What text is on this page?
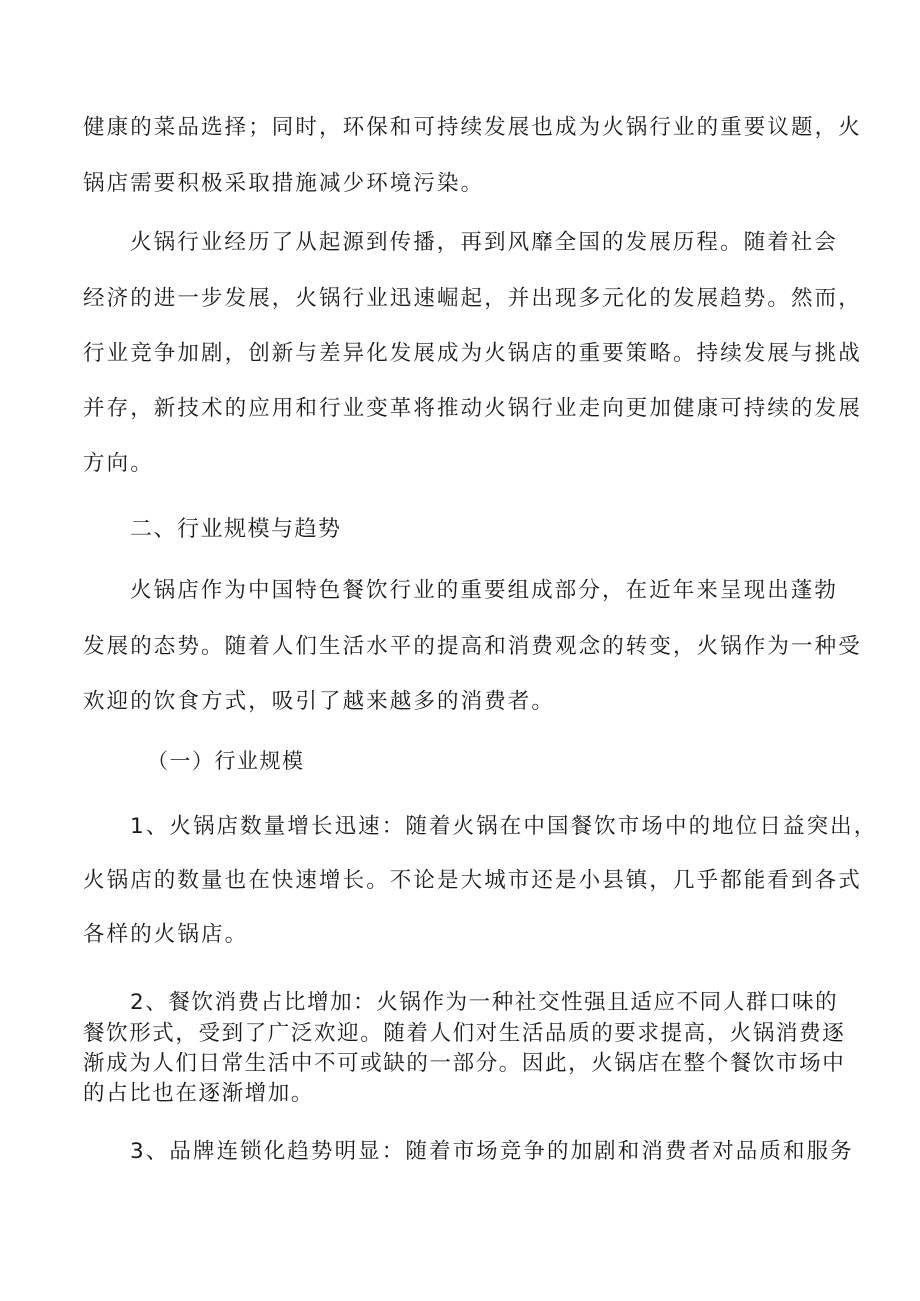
健康的菜品选择；同时，环保和可持续发展也成为火锅行业的重要议题，火
锅店需要积极采取措施减少环境污染。
火锅行业经历了从起源到传播，再到风靡全国的发展历程。随着社会
经济的进一步发展，火锅行业迅速崛起，并出现多元化的发展趋势。然而，
行业竞争加剧，创新与差异化发展成为火锅店的重要策略。持续发展与挑战
并存，新技术的应用和行业变革将推动火锅行业走向更加健康可持续的发展
方向。
二、行业规模与趋势
火锅店作为中国特色餐饮行业的重要组成部分，在近年来呈现出蓬勃
发展的态势。随着人们生活水平的提高和消费观念的转变，火锅作为一种受
欢迎的饮食方式，吸引了越来越多的消费者。
（一）行业规模
1、火锅店数量增长迅速：随着火锅在中国餐饮市场中的地位日益突出，
火锅店的数量也在快速增长。不论是大城市还是小县镇，几乎都能看到各式
各样的火锅店。
2、餐饮消费占比增加：火锅作为一种社交性强且适应不同人群口味的
餐饮形式，受到了广泛欢迎。随着人们对生活品质的要求提高，火锅消费逐
渐成为人们日常生活中不可或缺的一部分。因此，火锅店在整个餐饮市场中
的占比也在逐渐增加。
3、品牌连锁化趋势明显：随着市场竞争的加剧和消费者对品质和服务
